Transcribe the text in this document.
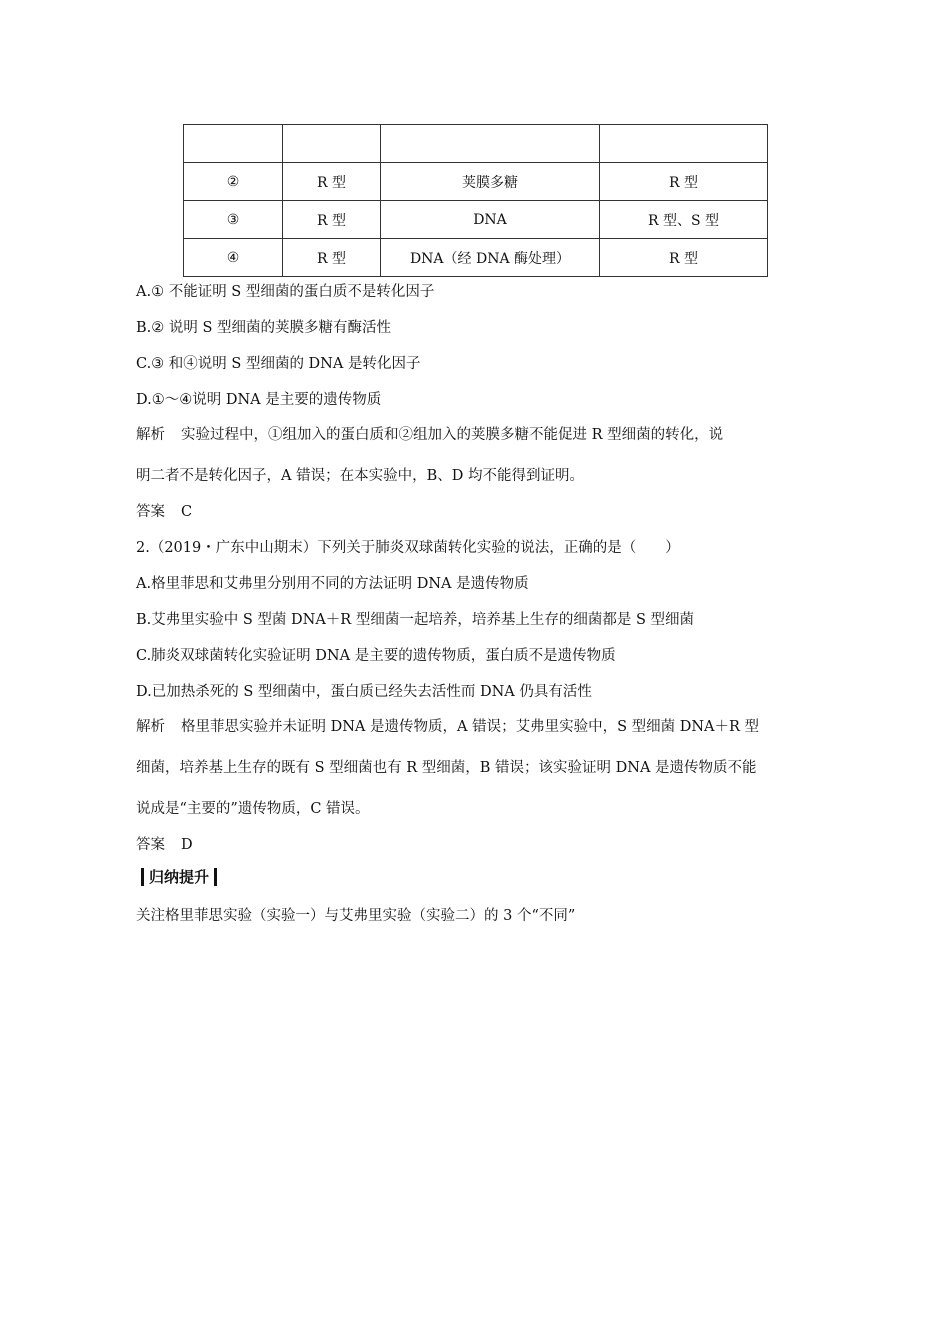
②	R 型	荚膜多糖	R 型
③	R 型	DNA	R 型、S 型
④	R 型	DNA（经 DNA 酶处理）	R 型
A.① 不能证明 S 型细菌的蛋白质不是转化因子
B.② 说明 S 型细菌的荚膜多糖有酶活性
C.③ 和④说明 S 型细菌的 DNA 是转化因子
D.①～④说明 DNA 是主要的遗传物质
解析 实验过程中，①组加入的蛋白质和②组加入的荚膜多糖不能促进 R 型细菌的转化，说
明二者不是转化因子，A 错误；在本实验中，B、D 均不能得到证明。
答案 C
2.（2019・广东中山期末）下列关于肺炎双球菌转化实验的说法，正确的是（　　）
A.格里菲思和艾弗里分别用不同的方法证明 DNA 是遗传物质
B.艾弗里实验中 S 型菌 DNA＋R 型细菌一起培养，培养基上生存的细菌都是 S 型细菌
C.肺炎双球菌转化实验证明 DNA 是主要的遗传物质，蛋白质不是遗传物质
D.已加热杀死的 S 型细菌中，蛋白质已经失去活性而 DNA 仍具有活性
解析 格里菲思实验并未证明 DNA 是遗传物质，A 错误；艾弗里实验中，S 型细菌 DNA＋R 型
细菌，培养基上生存的既有 S 型细菌也有 R 型细菌，B 错误；该实验证明 DNA 是遗传物质不能
说成是“主要的”遗传物质，C 错误。
答案 D
归纳提升
关注格里菲思实验（实验一）与艾弗里实验（实验二）的 3 个“不同”
